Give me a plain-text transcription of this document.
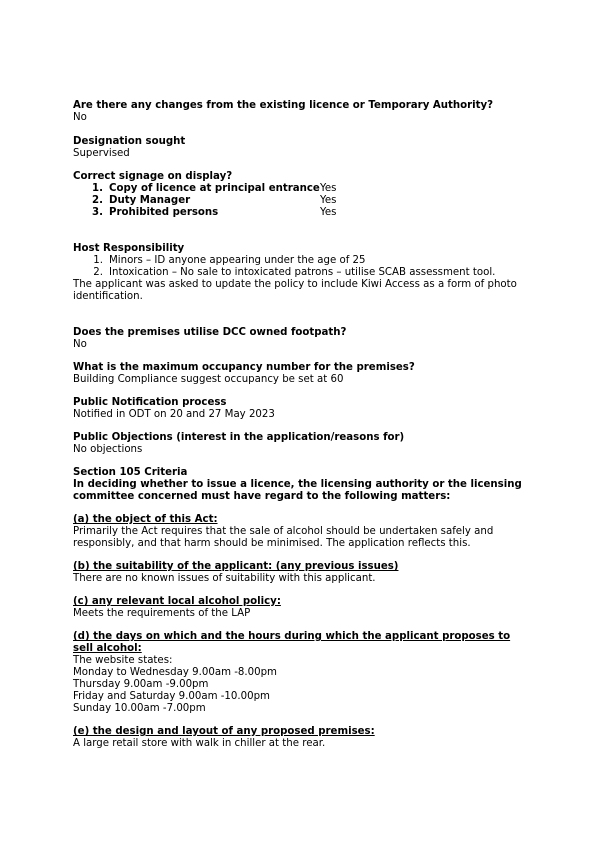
Are there any changes from the existing licence or Temporary Authority?
No
Designation sought
Supervised
Correct signage on display?
1. Copy of licence at principal entrance Yes
2. Duty Manager	Yes
3. Prohibited persons	Yes
Host Responsibility
1. Minors – ID anyone appearing under the age of 25
2. Intoxication – No sale to intoxicated patrons – utilise SCAB assessment tool.
The applicant was asked to update the policy to include Kiwi Access as a form of photo identification.
Does the premises utilise DCC owned footpath?
No
What is the maximum occupancy number for the premises?
Building Compliance suggest occupancy be set at 60
Public Notification process
Notified in ODT on 20 and 27 May 2023
Public Objections (interest in the application/reasons for)
No objections
Section 105 Criteria
In deciding whether to issue a licence, the licensing authority or the licensing committee concerned must have regard to the following matters:
(a) the object of this Act:
Primarily the Act requires that the sale of alcohol should be undertaken safely and responsibly, and that harm should be minimised. The application reflects this.
(b) the suitability of the applicant: (any previous issues)
There are no known issues of suitability with this applicant.
(c) any relevant local alcohol policy:
Meets the requirements of the LAP
(d) the days on which and the hours during which the applicant proposes to sell alcohol:
The website states:
Monday to Wednesday 9.00am -8.00pm
Thursday 9.00am -9.00pm
Friday and Saturday 9.00am -10.00pm
Sunday 10.00am -7.00pm
(e) the design and layout of any proposed premises:
A large retail store with walk in chiller at the rear.
